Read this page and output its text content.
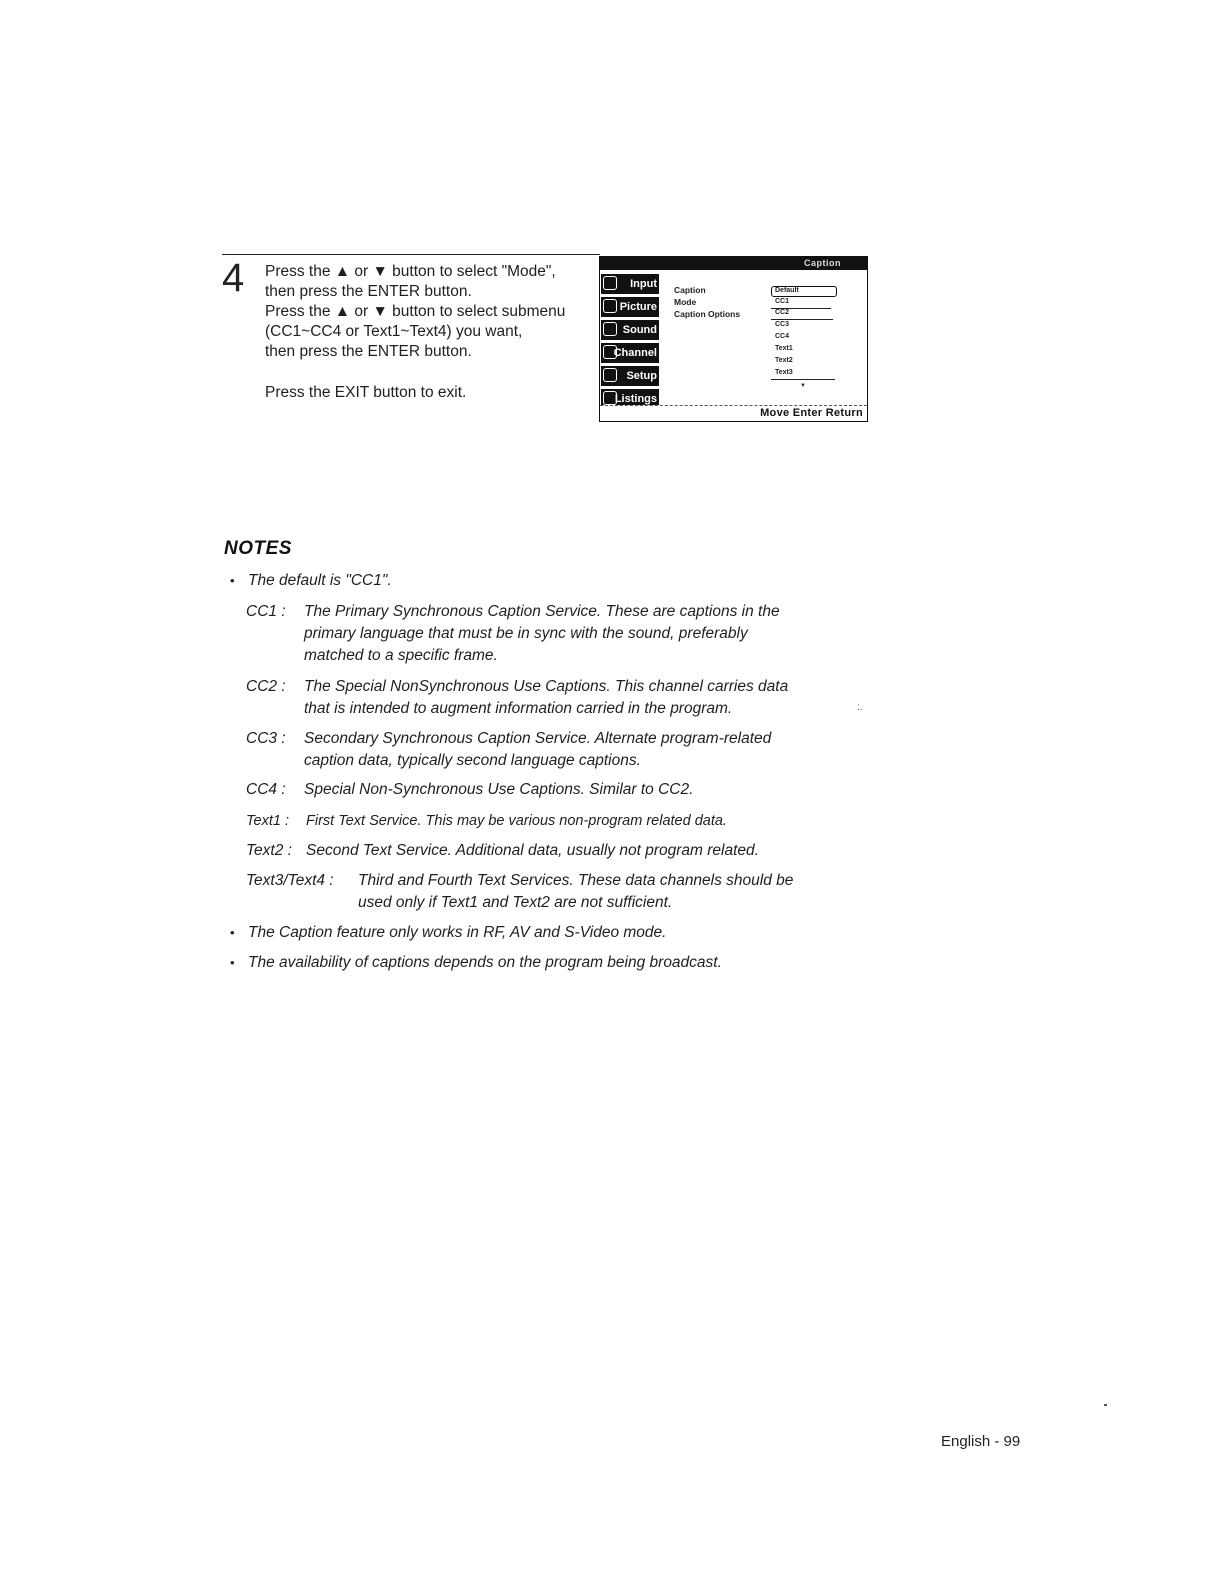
4 Press the ▲ or ▼ button to select "Mode",
then press the ENTER button.
Press the ▲ or ▼ button to select submenu
(CC1~CC4 or Text1~Text4) you want,
then press the ENTER button.
Press the EXIT button to exit.
Caption
Input
Picture
Sound
Channel
Setup
Listings
Caption
Mode
Caption Options
Default
CC1
CC2
CC3
CC4
Text1
Text2
Text3
▼
Move Enter Return
NOTES
• The default is "CC1".
CC1 : The Primary Synchronous Caption Service. These are captions in the
primary language that must be in sync with the sound, preferably
matched to a specific frame.
CC2 : The Special NonSynchronous Use Captions. This channel carries data
that is intended to augment information carried in the program.	:.
CC3 : Secondary Synchronous Caption Service. Alternate program-related
caption data, typically second language captions.
CC4 : Special Non-Synchronous Use Captions. Similar to CC2.
Text1 : First Text Service. This may be various non-program related data.
Text2 : Second Text Service. Additional data, usually not program related.
Text3/Text4 : Third and Fourth Text Services. These data channels should be
used only if Text1 and Text2 are not sufficient.
• The Caption feature only works in RF, AV and S-Video mode.
• The availability of captions depends on the program being broadcast.
English - 99
